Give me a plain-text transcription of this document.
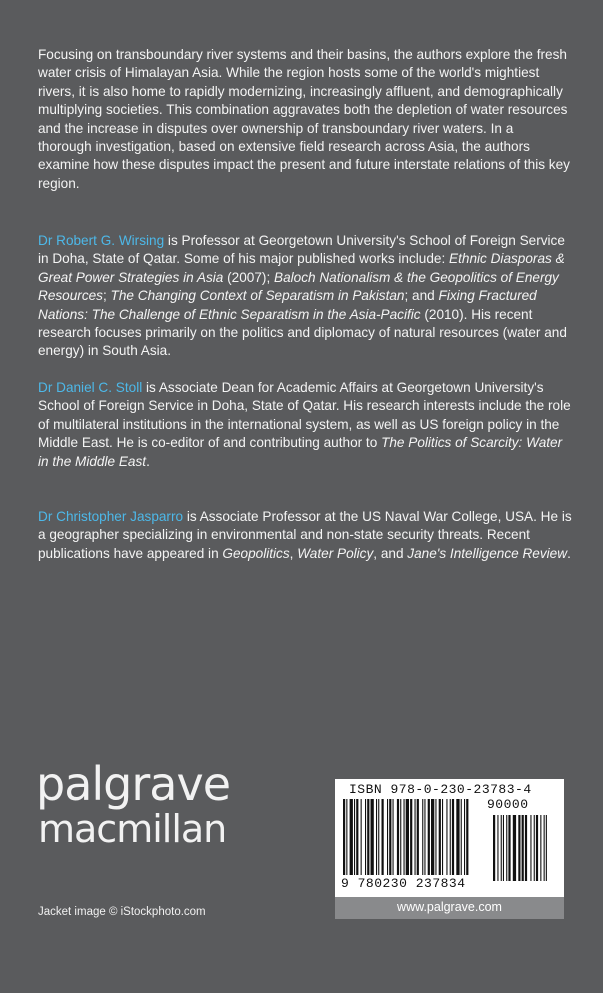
Focusing on transboundary river systems and their basins, the authors explore the fresh water crisis of Himalayan Asia. While the region hosts some of the world's mightiest rivers, it is also home to rapidly modernizing, increasingly affluent, and demographically multiplying societies. This combination aggravates both the depletion of water resources and the increase in disputes over ownership of transboundary river waters. In a thorough investigation, based on extensive field research across Asia, the authors examine how these disputes impact the present and future interstate relations of this key region.

Dr Robert G. Wirsing is Professor at Georgetown University's School of Foreign Service in Doha, State of Qatar. Some of his major published works include: Ethnic Diasporas & Great Power Strategies in Asia (2007); Baloch Nationalism & the Geopolitics of Energy Resources; The Changing Context of Separatism in Pakistan; and Fixing Fractured Nations: The Challenge of Ethnic Separatism in the Asia-Pacific (2010). His recent research focuses primarily on the politics and diplomacy of natural resources (water and energy) in South Asia.

Dr Daniel C. Stoll is Associate Dean for Academic Affairs at Georgetown University's School of Foreign Service in Doha, State of Qatar. His research interests include the role of multilateral institutions in the international system, as well as US foreign policy in the Middle East. He is co-editor of and contributing author to The Politics of Scarcity: Water in the Middle East.

Dr Christopher Jasparro is Associate Professor at the US Naval War College, USA. He is a geographer specializing in environmental and non-state security threats. Recent publications have appeared in Geopolitics, Water Policy, and Jane's Intelligence Review.

palgrave
macmillan
Jacket image © iStockphoto.com
ISBN 978-0-230-23783-4
90000
9 780230 237834
www.palgrave.com
